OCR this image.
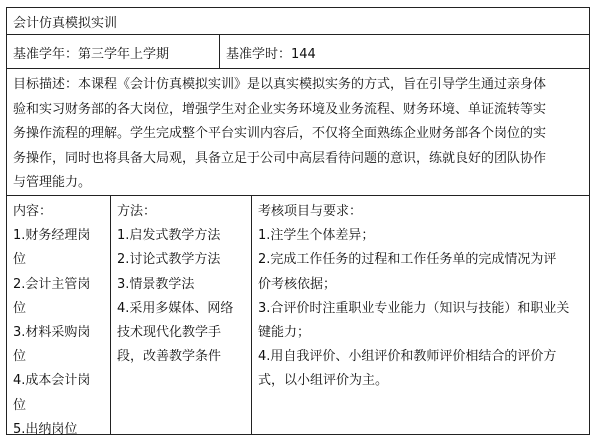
会计仿真模拟实训
基准学年：第三学年上学期	基准学时：144
目标描述：本课程《会计仿真模拟实训》是以真实模拟实务的方式，旨在引导学生通过亲身体
验和实习财务部的各大岗位，增强学生对企业实务环境及业务流程、财务环境、单证流转等实
务操作流程的理解。学生完成整个平台实训内容后，不仅将全面熟练企业财务部各个岗位的实
务操作，同时也将具备大局观，具备立足于公司中高层看待问题的意识，练就良好的团队协作
与管理能力。
内容：
1.财务经理岗
位
2.会计主管岗
位
3.材料采购岗
位
4.成本会计岗
位
5.出纳岗位
方法：
1.启发式教学方法
2.讨论式教学方法
3.情景教学法
4.采用多媒体、网络
技术现代化教学手
段，改善教学条件
考核项目与要求：
1.注学生个体差异；
2.完成工作任务的过程和工作任务单的完成情况为评
价考核依据；
3.合评价时注重职业专业能力（知识与技能）和职业关
键能力；
4.用自我评价、小组评价和教师评价相结合的评价方
式，以小组评价为主。
